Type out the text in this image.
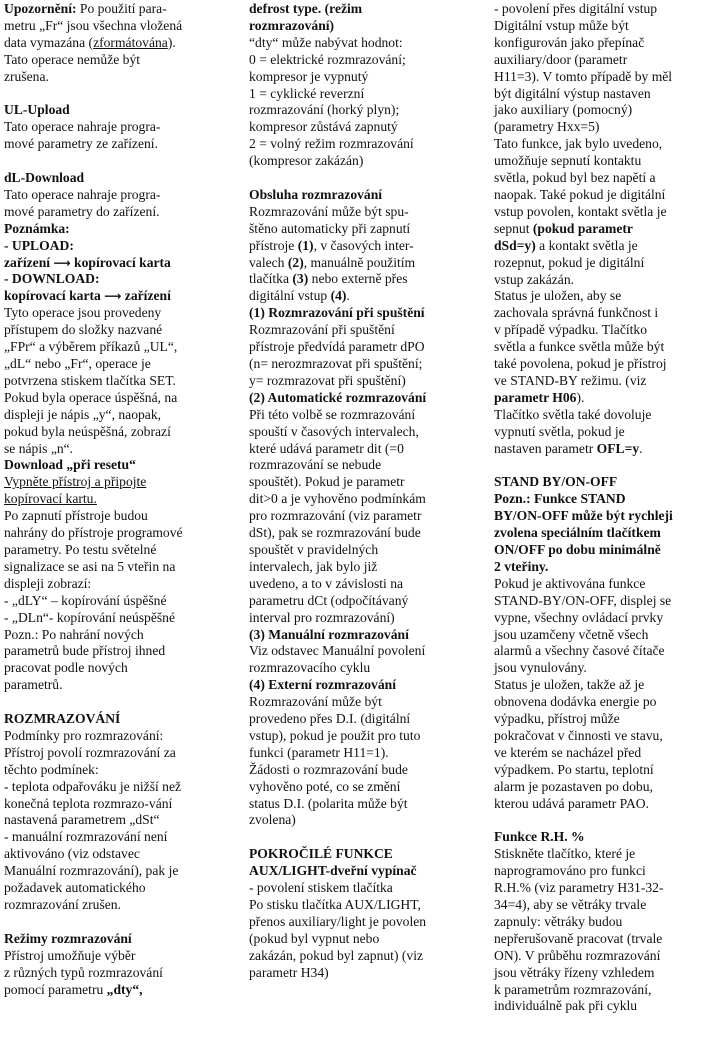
Upozornění: Po použití para-

metru „Fr“ jsou všechna vložená

data vymazána (zformátována).

Tato operace nemůže být

zrušena.

UL-Upload

Tato operace nahraje progra-

mové parametry ze zařízení.

dL-Download

Tato operace nahraje progra-

mové parametry do zařízení.

Poznámka:

- UPLOAD:

zařízení ⟶ kopírovací karta

- DOWNLOAD:

kopírovací karta ⟶ zařízení

Tyto operace jsou provedeny

přístupem do složky nazvané

„FPr“ a výběrem příkazů „UL“,

„dL“ nebo „Fr“, operace je

potvrzena stiskem tlačítka SET.

Pokud byla operace úspěšná, na

displeji je nápis „y“, naopak,

pokud byla neúspěšná, zobrazí

se nápis „n“.

Download „při resetu“

Vypněte přístroj a připojte

kopírovací kartu.

Po zapnutí přístroje budou

nahrány do přístroje programové

parametry. Po testu světelné

signalizace se asi na 5 vteřin na

displeji zobrazí:

- „dLY“ – kopírování úspěšné

- „DLn“- kopírování neúspěšné

Pozn.: Po nahrání nových

parametrů bude přístroj ihned

pracovat podle nových

parametrů.

ROZMRAZOVÁNÍ

Podmínky pro rozmrazování:

Přístroj povolí rozmrazování za

těchto podmínek:

- teplota odpařováku je nižší než

konečná teplota rozmrazo-vání

nastavená parametrem „dSt“

- manuální rozmrazování není

aktivováno (viz odstavec

Manuální rozmrazování), pak je

požadavek automatického

rozmrazování zrušen.

Režimy rozmrazování

Přístroj umožňuje výběr

z různých typů rozmrazování

pomocí parametru „dty“,

defrost type. (režim

rozmrazování)

“dty“ může nabývat hodnot:

0 = elektrické rozmrazování;

kompresor je vypnutý

1 = cyklické reverzní

rozmrazování (horký plyn);

kompresor zůstává zapnutý

2 = volný režim rozmrazování

(kompresor zakázán)

Obsluha rozmrazování

Rozmrazování může být spu-

štěno automaticky při zapnutí

přístroje (1), v časových inter-

valech (2), manuálně použitím

tlačítka (3) nebo externě přes

digitální vstup (4).

(1) Rozmrazování při spuštění

Rozmrazování při spuštění

přístroje předvídá parametr dPO

(n= nerozmrazovat při spuštění;

y= rozmrazovat při spuštění)

(2) Automatické rozmrazování

Při této volbě se rozmrazování

spouští v časových intervalech,

které udává parametr dit (=0

rozmrazování se nebude

spouštět). Pokud je parametr

dit>0 a je vyhověno podmínkám

pro rozmrazování (viz parametr

dSt), pak se rozmrazování bude

spouštět v pravidelných

intervalech, jak bylo již

uvedeno, a to v závislosti na

parametru dCt (odpočítávaný

interval pro rozmrazování)

(3) Manuální rozmrazování

Viz odstavec Manuální povolení

rozmrazovacího cyklu

(4) Externí rozmrazování

Rozmrazování může být

provedeno přes D.I. (digitální

vstup), pokud je použit pro tuto

funkci (parametr H11=1).

Žádosti o rozmrazování bude

vyhověno poté, co se změní

status D.I. (polarita může být

zvolena)

POKROČILÉ FUNKCE

AUX/LIGHT-dveřní vypínač

- povolení stiskem tlačítka

Po stisku tlačítka AUX/LIGHT,

přenos auxiliary/light je povolen

(pokud byl vypnut nebo

zakázán, pokud byl zapnut) (viz

parametr H34)

- povolení přes digitální vstup

Digitální vstup může být

konfigurován jako přepínač

auxiliary/door (parametr

H11=3). V tomto případě by měl

být digitální výstup nastaven

jako auxiliary (pomocný)

(parametry Hxx=5)

Tato funkce, jak bylo uvedeno,

umožňuje sepnutí kontaktu

světla, pokud byl bez napětí a

naopak. Také pokud je digitální

vstup povolen, kontakt světla je

sepnut (pokud parametr

dSd=y) a kontakt světla je

rozepnut, pokud je digitální

vstup zakázán.

Status je uložen, aby se

zachovala správná funkčnost i

v případě výpadku. Tlačítko

světla a funkce světla může být

také povolena, pokud je přístroj

ve STAND-BY režimu. (viz

parametr H06).

Tlačítko světla také dovoluje

vypnutí světla, pokud je

nastaven parametr OFL=y.

STAND BY/ON-OFF

Pozn.: Funkce STAND

BY/ON-OFF může být rychleji

zvolena speciálním tlačítkem

ON/OFF po dobu minimálně

2 vteřiny.

Pokud je aktivována funkce

STAND-BY/ON-OFF, displej se

vypne, všechny ovládací prvky

jsou uzamčeny včetně všech

alarmů a všechny časové čítače

jsou vynulovány.

Status je uložen, takže až je

obnovena dodávka energie po

výpadku, přístroj může

pokračovat v činnosti ve stavu,

ve kterém se nacházel před

výpadkem. Po startu, teplotní

alarm je pozastaven po dobu,

kterou udává parametr PAO.

Funkce R.H. %

Stiskněte tlačítko, které je

naprogramováno pro funkci

R.H.% (viz parametry H31-32-

34=4), aby se větráky trvale

zapnuly: větráky budou

nepřerušovaně pracovat (trvale

ON). V průběhu rozmrazování

jsou větráky řízeny vzhledem

k parametrům rozmrazování,

individuálně pak při cyklu
